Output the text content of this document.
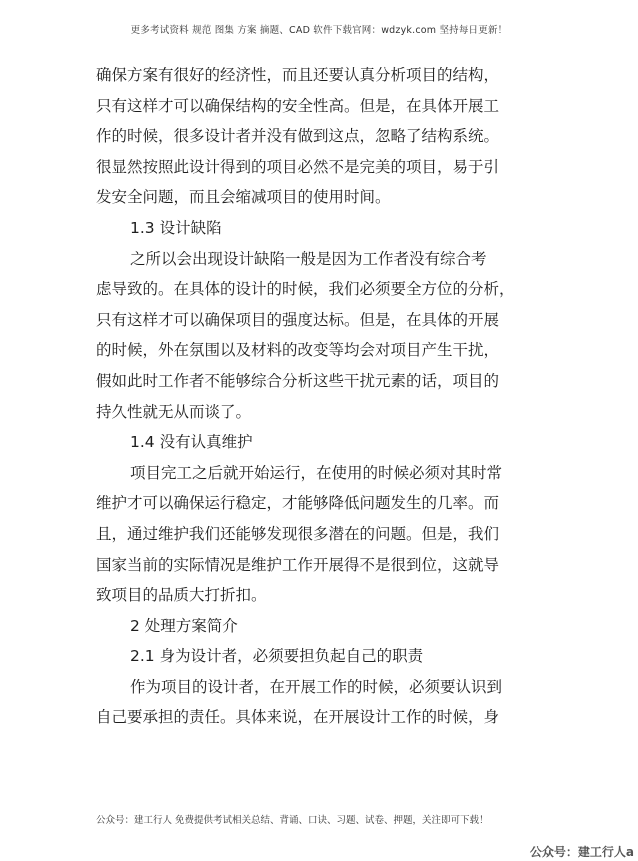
更多考试资料 规范 图集 方案 摘题、CAD 软件下载官网：wdzyk.com 坚持每日更新！
确保方案有很好的经济性，而且还要认真分析项目的结构，
只有这样才可以确保结构的安全性高。但是，在具体开展工
作的时候，很多设计者并没有做到这点，忽略了结构系统。
很显然按照此设计得到的项目必然不是完美的项目，易于引
发安全问题，而且会缩减项目的使用时间。
1.3 设计缺陷
之所以会出现设计缺陷一般是因为工作者没有综合考
虑导致的。在具体的设计的时候，我们必须要全方位的分析，
只有这样才可以确保项目的强度达标。但是，在具体的开展
的时候，外在氛围以及材料的改变等均会对项目产生干扰，
假如此时工作者不能够综合分析这些干扰元素的话，项目的
持久性就无从而谈了。
1.4 没有认真维护
项目完工之后就开始运行，在使用的时候必须对其时常
维护才可以确保运行稳定，才能够降低问题发生的几率。而
且，通过维护我们还能够发现很多潜在的问题。但是，我们
国家当前的实际情况是维护工作开展得不是很到位，这就导
致项目的品质大打折扣。
2 处理方案简介
2.1 身为设计者，必须要担负起自己的职责
作为项目的设计者，在开展工作的时候，必须要认识到
自己要承担的责任。具体来说，在开展设计工作的时候，身
公众号：建工行人 免费提供考试相关总结、背诵、口诀、习题、试卷、押题，关注即可下载！
公众号：建工行人a
